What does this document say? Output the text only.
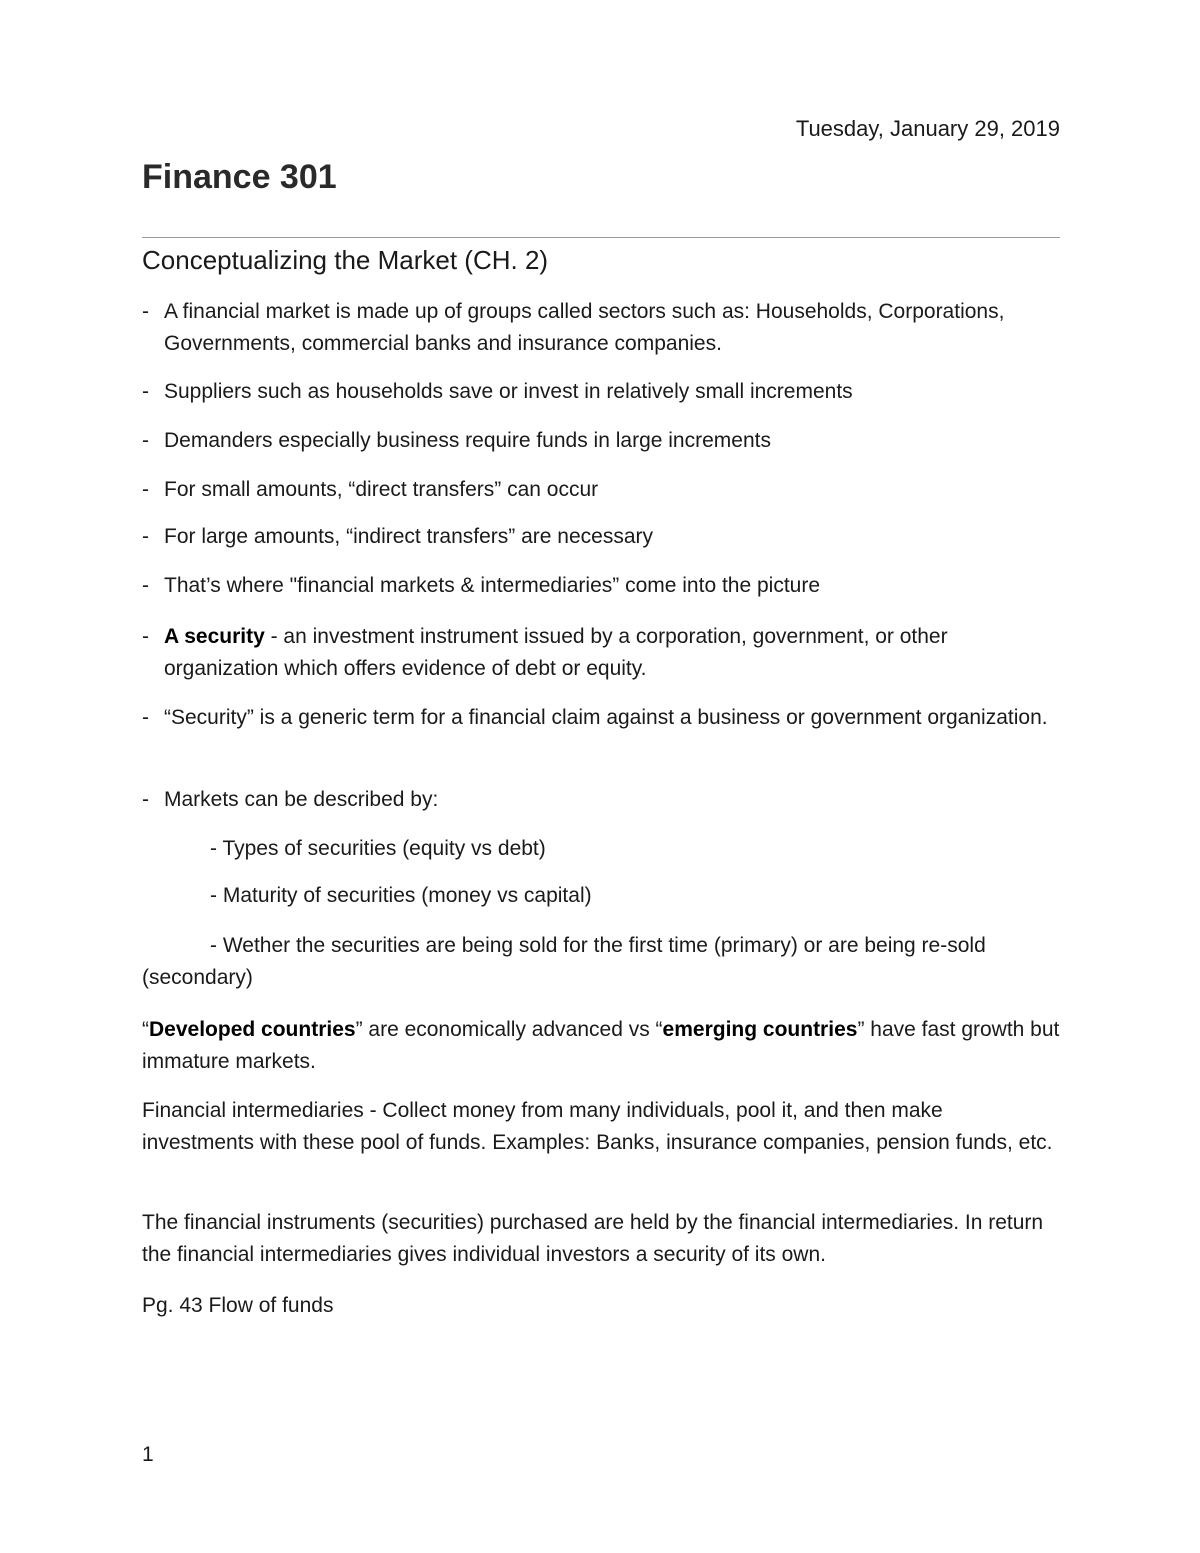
Tuesday, January 29, 2019
Finance 301
Conceptualizing the Market (CH. 2)
- A financial market is made up of groups called sectors such as: Households, Corporations, Governments, commercial banks and insurance companies.
- Suppliers such as households save or invest in relatively small increments
- Demanders especially business require funds in large increments
- For small amounts, “direct transfers” can occur
- For large amounts, “indirect transfers” are necessary
- That’s where "financial markets & intermediaries” come into the picture
- A security - an investment instrument issued by a corporation, government, or other organization which offers evidence of debt or equity.
- “Security” is a generic term for a financial claim against a business or government organization.
- Markets can be described by:
- Types of securities (equity vs debt)
- Maturity of securities (money vs capital)
- Wether the securities are being sold for the first time (primary) or are being re-sold (secondary)
“Developed countries” are economically advanced vs “emerging countries” have fast growth but immature markets.
Financial intermediaries - Collect money from many individuals, pool it, and then make investments with these pool of funds. Examples: Banks, insurance companies, pension funds, etc.
The financial instruments (securities) purchased are held by the financial intermediaries. In return the financial intermediaries gives individual investors a security of its own.
Pg. 43 Flow of funds
1
